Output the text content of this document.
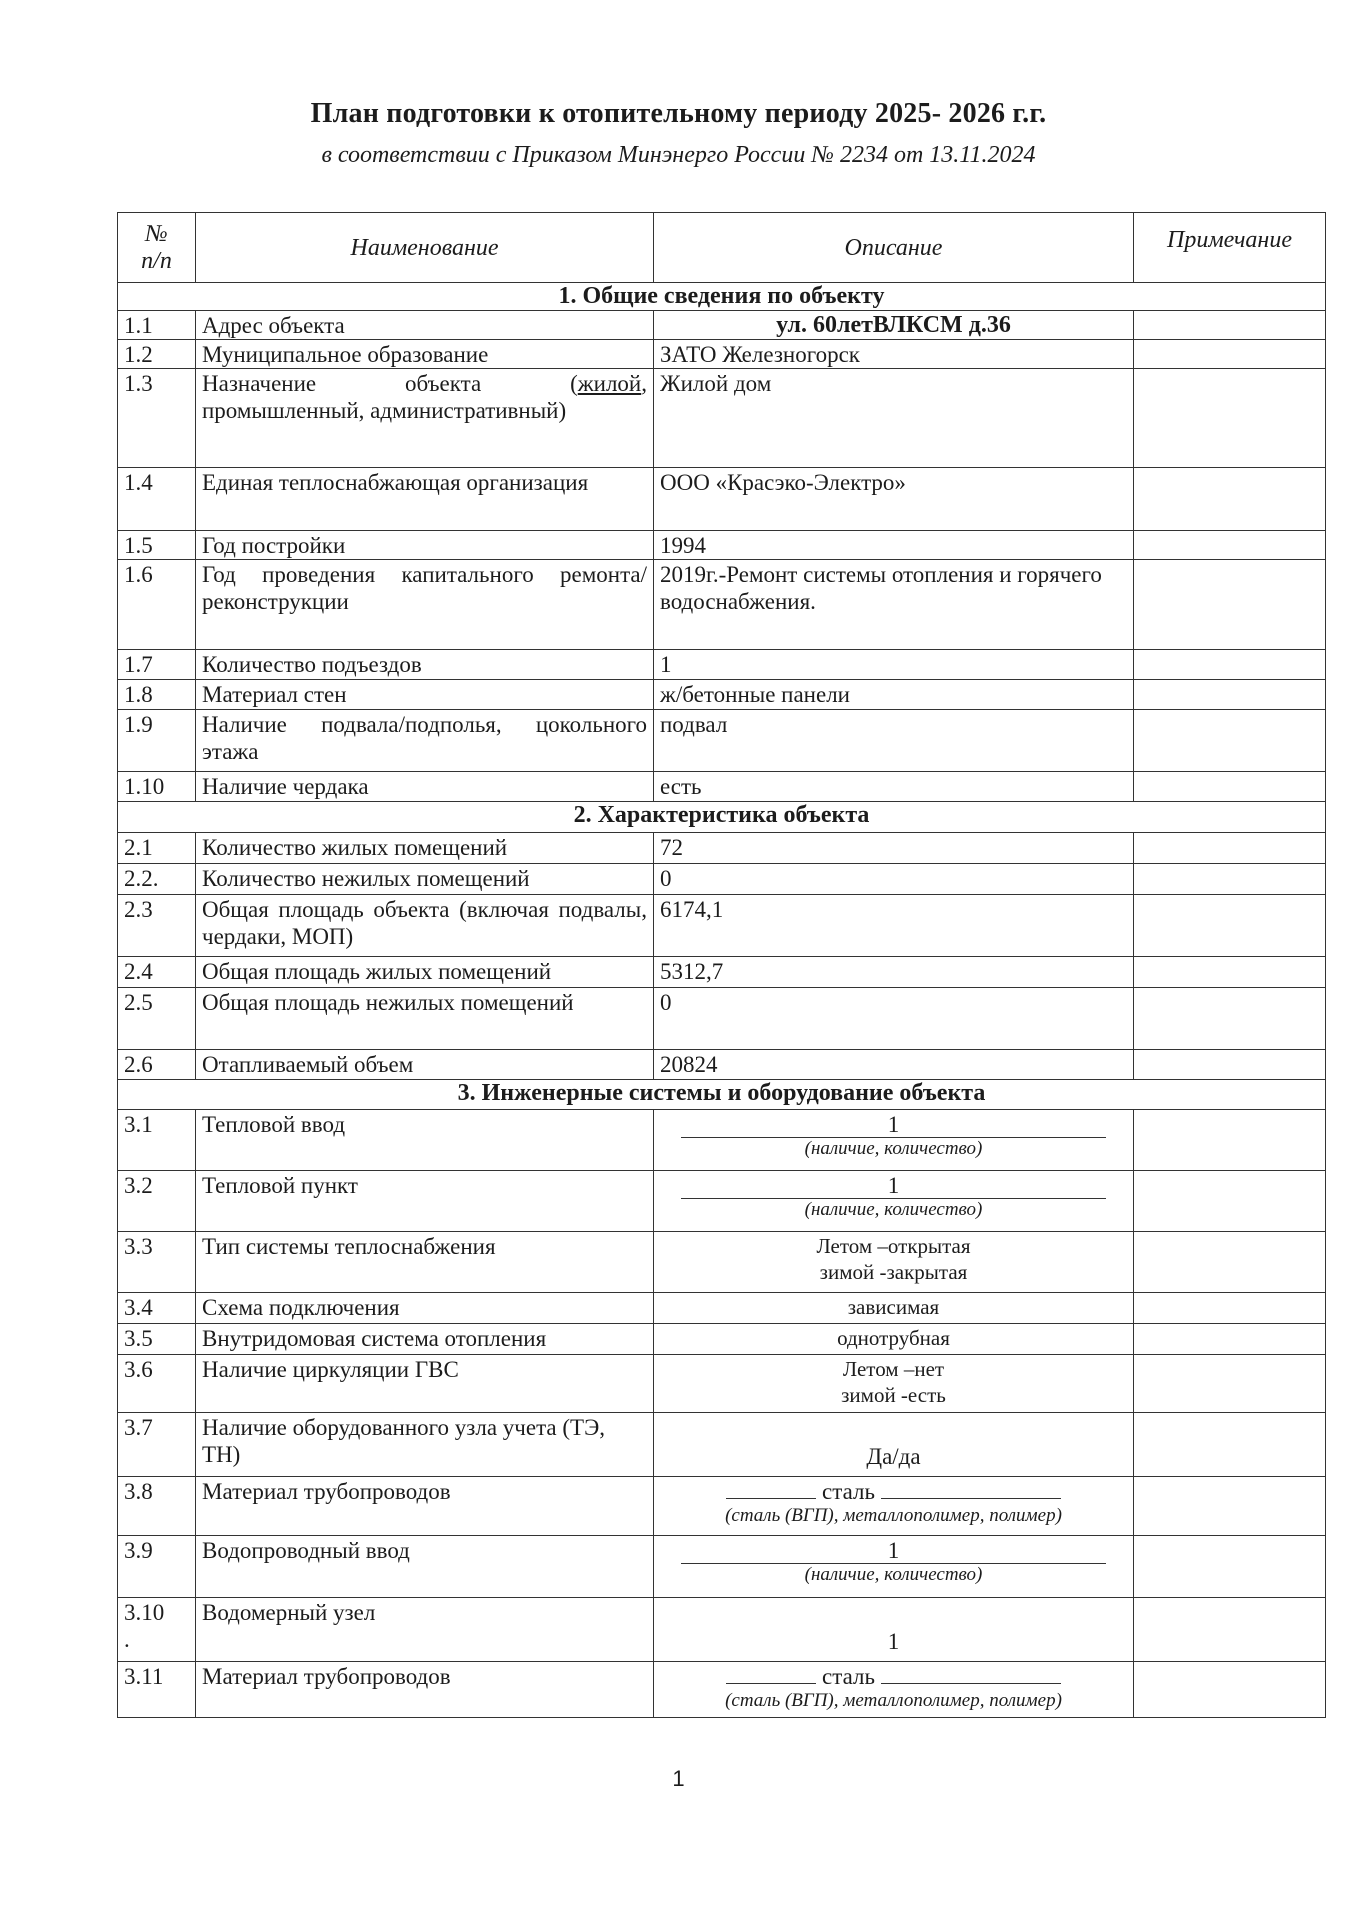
План подготовки к отопительному периоду 2025- 2026 г.г.
в соответствии с Приказом Минэнерго России № 2234 от 13.11.2024
№
п/п	Наименование	Описание	Примечание
1. Общие сведения по объекту			
1.1	Адрес объекта	ул. 60летВЛКСМ д.36	
1.2	Муниципальное образование	ЗАТО Железногорск	
1.3	Назначение объекта (жилой, промышленный, административный)	Жилой дом	
1.4	Единая теплоснабжающая организация	ООО «Красэко-Электро»	
1.5	Год постройки	1994	
1.6	Год проведения капитального ремонта/реконструкции	2019г.-Ремонт системы отопления и горячего водоснабжения.	
1.7	Количество подъездов	1	
1.8	Материал стен	ж/бетонные панели	
1.9	Наличие подвала/подполья, цокольного этажа	подвал	
1.10	Наличие чердака	есть	
2. Характеристика объекта			
2.1	Количество жилых помещений	72	
2.2.	Количество нежилых помещений	0	
2.3	Общая площадь объекта (включая подвалы, чердаки, МОП)	6174,1	
2.4	Общая площадь жилых помещений	5312,7	
2.5	Общая площадь нежилых помещений	0	
2.6	Отапливаемый объем	20824	
3. Инженерные системы и оборудование объекта			
3.1	Тепловой ввод	1
(наличие, количество)	

3.2	Тепловой пункт	1
(наличие, количество)	

3.3	Тип системы теплоснабжения	Летом –открытая
зимой -закрытая	

3.4	Схема подключения	зависимая	
3.5	Внутридомовая система отопления	однотрубная	
3.6	Наличие циркуляции ГВС	Летом –нет
зимой -есть	

3.7	Наличие оборудованного узла учета (ТЭ, ТН)	Да/да	
3.8	Материал трубопроводов	сталь
(сталь (ВГП), металлополимер, полимер)	

3.9	Водопроводный ввод	1
(наличие, количество)	

3.10
.	Водомерный узел	1	
3.11	Материал трубопроводов	сталь
(сталь (ВГП), металлополимер, полимер)	

1
